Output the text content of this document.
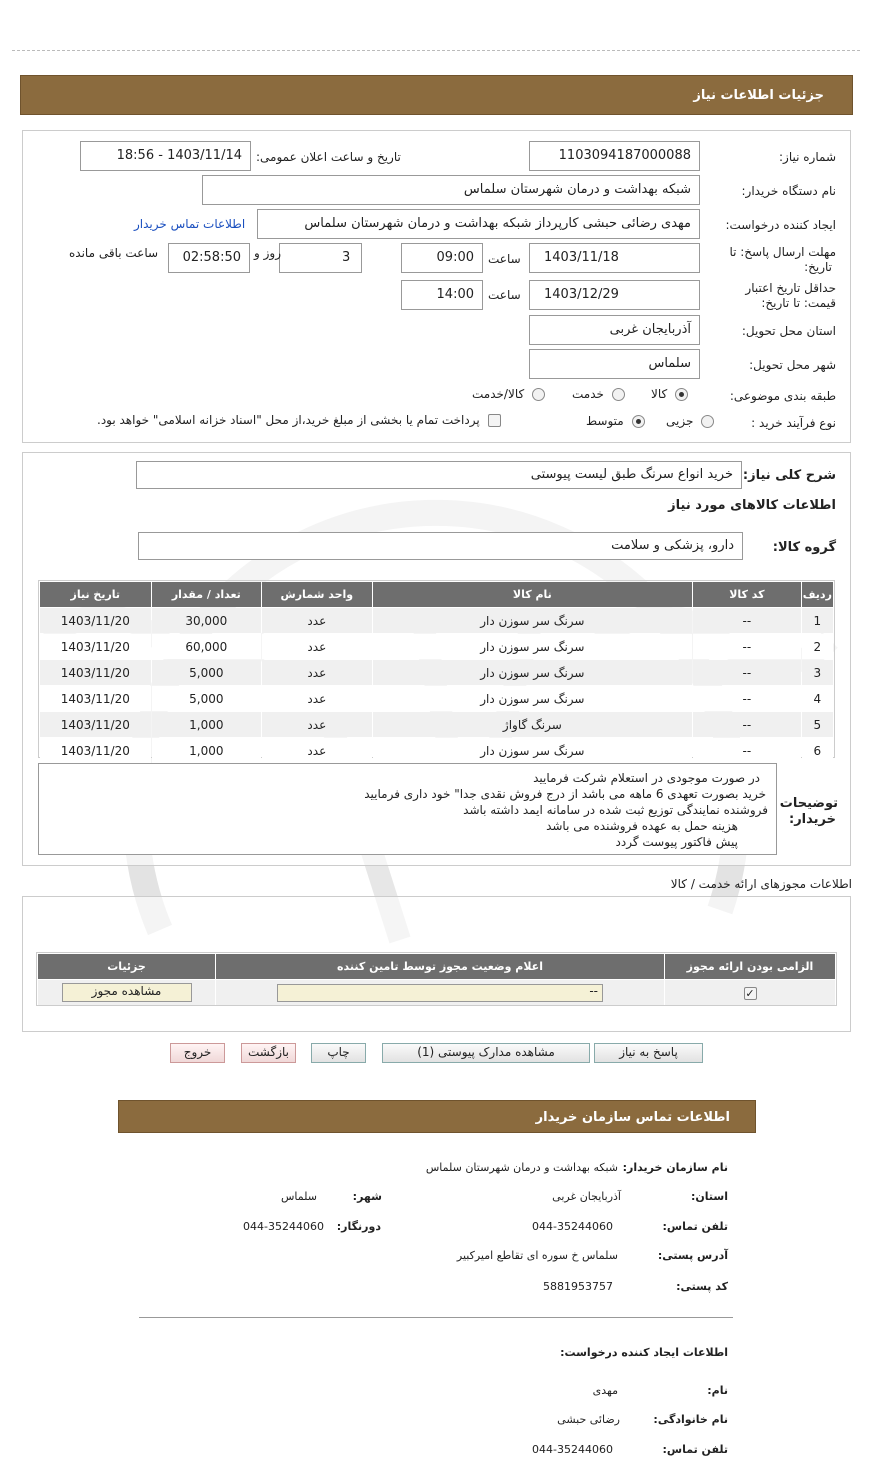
جزئیات اطلاعات نیاز
شماره نیاز:
1103094187000088
تاریخ و ساعت اعلان عمومی:
1403/11/14 - 18:56
نام دستگاه خریدار:
شبکه بهداشت و درمان شهرستان سلماس
ایجاد کننده درخواست:
مهدی رضائی حبشی کارپرداز شبکه بهداشت و درمان شهرستان سلماس
اطلاعات تماس خریدار
مهلت ارسال پاسخ: تا
تاریخ:
1403/11/18
ساعت
09:00
3
روز و
02:58:50
ساعت باقی مانده
حداقل تاریخ اعتبار
قیمت: تا تاریخ:
1403/12/29
ساعت
14:00
استان محل تحویل:
آذربایجان غربی
شهر محل تحویل:
سلماس
طبقه بندی موضوعی:
کالا
خدمت
کالا/خدمت
نوع فرآیند خرید :
جزیی
متوسط
پرداخت تمام یا بخشی از مبلغ خرید،از محل "اسناد خزانه اسلامی" خواهد بود.
شرح کلی نیاز:
خرید انواع سرنگ طبق لیست پیوستی
اطلاعات کالاهای مورد نیاز
گروه کالا:
دارو، پزشکی و سلامت
ردیف	کد کالا	نام کالا	واحد شمارش	تعداد / مقدار	تاریخ نیاز
1	--	سرنگ سر سوزن دار	عدد	30,000	1403/11/20
2	--	سرنگ سر سوزن دار	عدد	60,000	1403/11/20
3	--	سرنگ سر سوزن دار	عدد	5,000	1403/11/20
4	--	سرنگ سر سوزن دار	عدد	5,000	1403/11/20
5	--	سرنگ گاواژ	عدد	1,000	1403/11/20
6	--	سرنگ سر سوزن دار	عدد	1,000	1403/11/20
توضیحات
خریدار:
در صورت موجودی در استعلام شرکت فرمایید
خرید بصورت تعهدی 6 ماهه می باشد از درج فروش نقدی جدا" خود داری فرمایید
فروشنده نمایندگی توزیع ثبت شده در سامانه ایمد داشته باشد
هزینه حمل به عهده فروشنده می باشد
پیش فاکتور پیوست گردد
اطلاعات مجوزهای ارائه خدمت / کالا
الزامی بودن ارائه مجوز	اعلام وضعیت مجوز توسط تامین کننده	جزئیات
✓	--	مشاهده مجوز
پاسخ به نیاز
مشاهده مدارک پیوستی (1)
چاپ
بازگشت
خروج
اطلاعات تماس سازمان خریدار
نام سازمان خریدار:
شبکه بهداشت و درمان شهرستان سلماس
استان:
آذربایجان غربی
شهر:
سلماس
تلفن تماس:
044-35244060
دورنگار:
044-35244060
آدرس پستی:
سلماس خ سوره ای تقاطع امیرکبیر
کد پستی:
5881953757
اطلاعات ایجاد کننده درخواست:
نام:
مهدی
نام خانوادگی:
رضائی حبشی
تلفن تماس:
044-35244060
